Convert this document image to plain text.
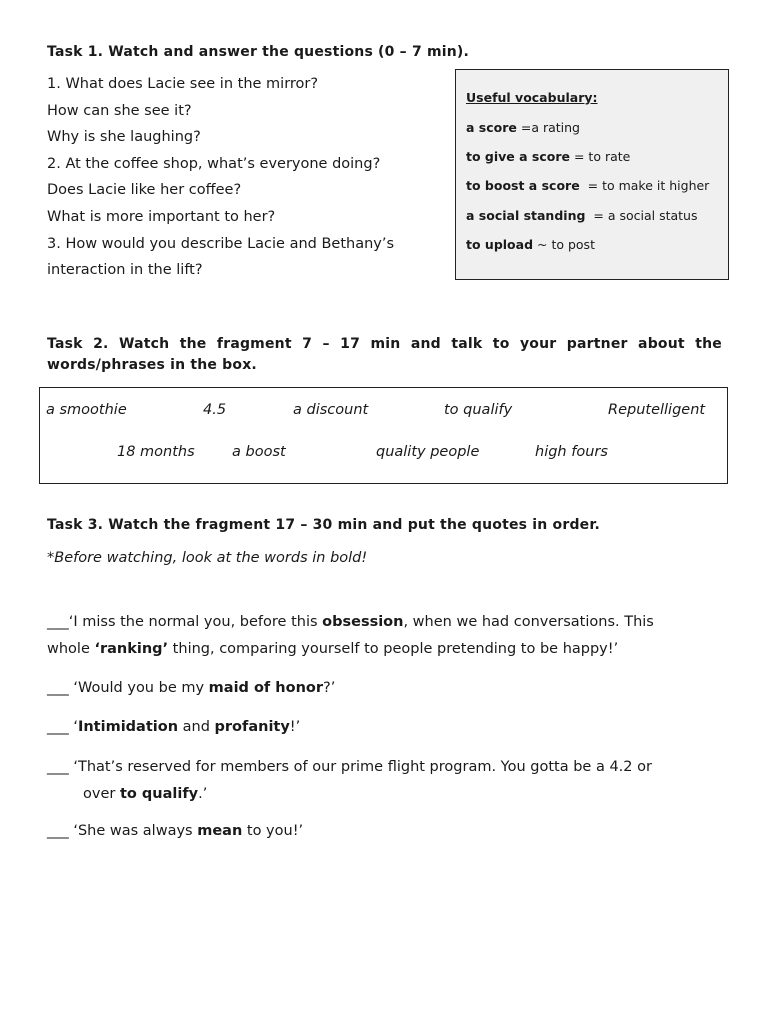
Task 1. Watch and answer the questions (0 – 7 min).
1. What does Lacie see in the mirror?
How can she see it?
Why is she laughing?
2. At the coffee shop, what’s everyone doing?
Does Lacie like her coffee?
What is more important to her?
3. How would you describe Lacie and Bethany’s
interaction in the lift?
Useful vocabulary:
a score =a rating
to give a score = to rate
to boost a score  = to make it higher
a social standing  = a social status
to upload ~ to post
Task 2. Watch the fragment 7 – 17 min and talk to your partner about the
words/phrases in the box.
a smoothie	4.5	a discount	to qualify	Reputelligent
18 months	a boost	quality people	high fours
Task 3. Watch the fragment 17 – 30 min and put the quotes in order.
*Before watching, look at the words in bold!
___‘I miss the normal you, before this obsession, when we had conversations. This
whole ‘ranking’ thing, comparing yourself to people pretending to be happy!’
___ ‘Would you be my maid of honor?’
___ ‘Intimidation and profanity!’
___ ‘That’s reserved for members of our prime flight program. You gotta be a 4.2 or
over to qualify.’
___ ‘She was always mean to you!’
